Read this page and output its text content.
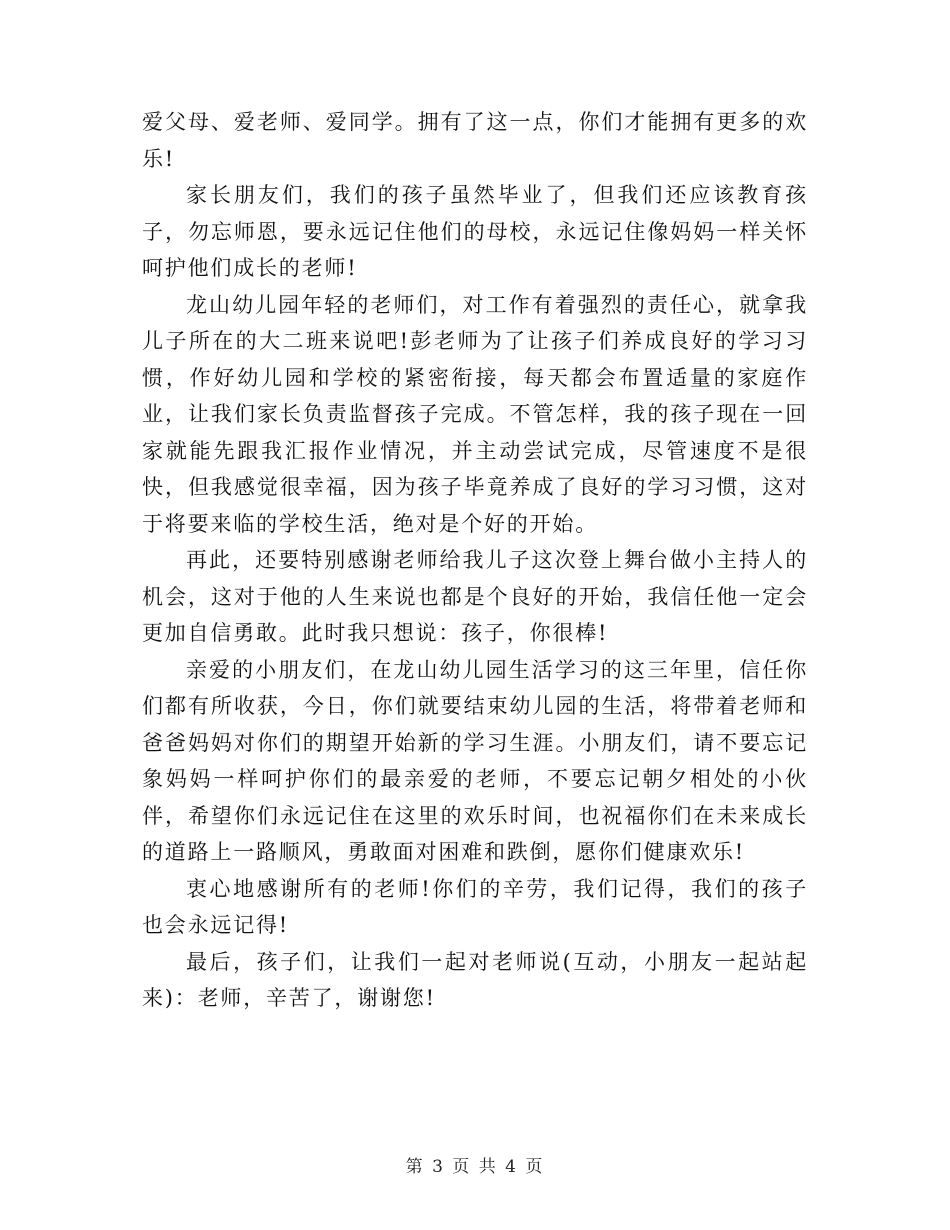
爱父母、爱老师、爱同学。拥有了这一点，你们才能拥有更多的欢乐!

家长朋友们，我们的孩子虽然毕业了，但我们还应该教育孩子，勿忘师恩，要永远记住他们的母校，永远记住像妈妈一样关怀呵护他们成长的老师!

龙山幼儿园年轻的老师们，对工作有着强烈的责任心，就拿我儿子所在的大二班来说吧!彭老师为了让孩子们养成良好的学习习惯，作好幼儿园和学校的紧密衔接，每天都会布置适量的家庭作业，让我们家长负责监督孩子完成。不管怎样，我的孩子现在一回家就能先跟我汇报作业情况，并主动尝试完成，尽管速度不是很快，但我感觉很幸福，因为孩子毕竟养成了良好的学习习惯，这对于将要来临的学校生活，绝对是个好的开始。

再此，还要特别感谢老师给我儿子这次登上舞台做小主持人的机会，这对于他的人生来说也都是个良好的开始，我信任他一定会更加自信勇敢。此时我只想说：孩子，你很棒!

亲爱的小朋友们，在龙山幼儿园生活学习的这三年里，信任你们都有所收获，今日，你们就要结束幼儿园的生活，将带着老师和爸爸妈妈对你们的期望开始新的学习生涯。小朋友们，请不要忘记象妈妈一样呵护你们的最亲爱的老师，不要忘记朝夕相处的小伙伴，希望你们永远记住在这里的欢乐时间，也祝福你们在未来成长的道路上一路顺风，勇敢面对困难和跌倒，愿你们健康欢乐!

衷心地感谢所有的老师!你们的辛劳，我们记得，我们的孩子也会永远记得!

最后，孩子们，让我们一起对老师说(互动，小朋友一起站起来)：老师，辛苦了，谢谢您!

第 3 页 共 4 页
